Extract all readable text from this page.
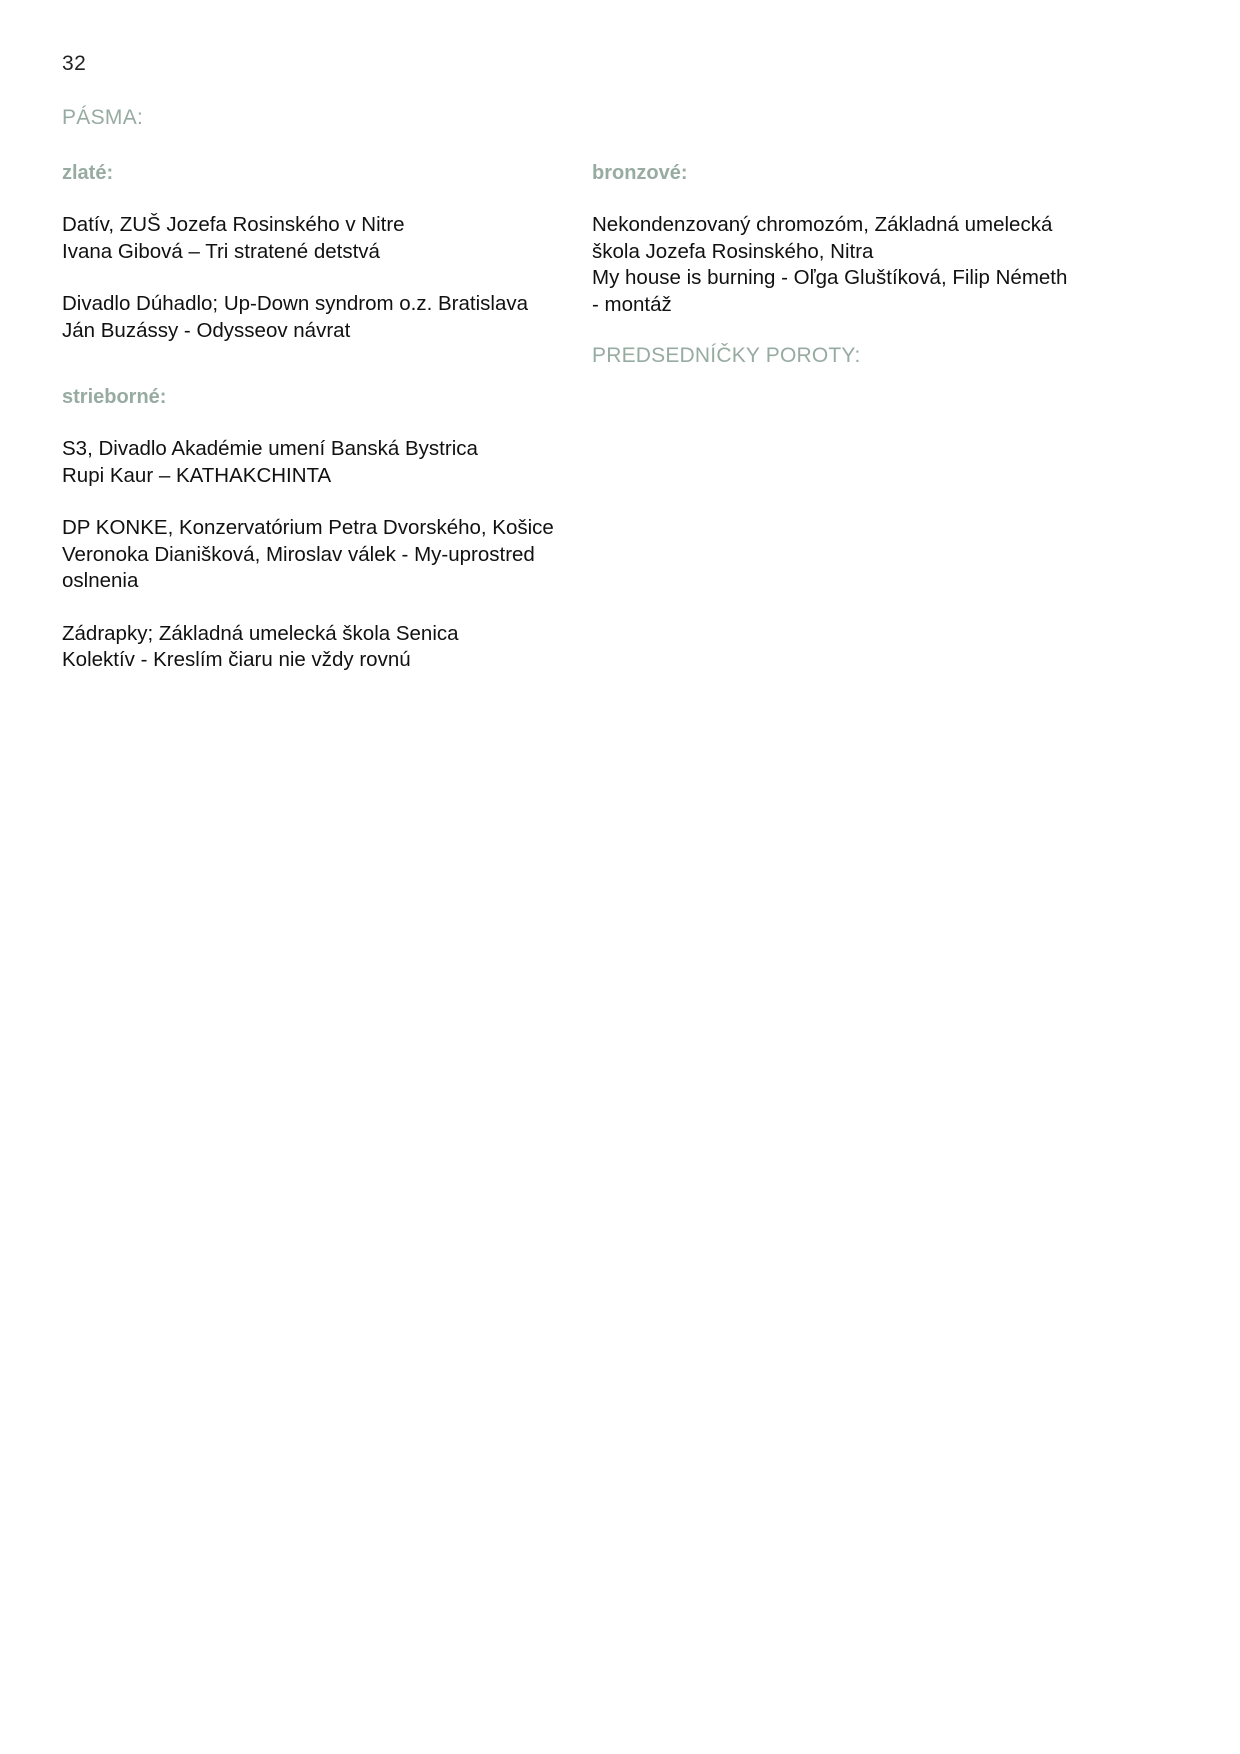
32
PÁSMA:
zlaté:
Datív, ZUŠ Jozefa Rosinského v Nitre
Ivana Gibová – Tri stratené detstvá
Divadlo Dúhadlo; Up-Down syndrom o.z. Bratislava
Ján Buzássy - Odysseov návrat
strieborné:
S3, Divadlo Akadémie umení Banská Bystrica
Rupi Kaur – KATHAKCHINTA
DP KONKE, Konzervatórium Petra Dvorského, Košice
Veronoka Dianišková, Miroslav válek - My-uprostred
oslnenia
Zádrapky; Základná umelecká škola Senica
Kolektív - Kreslím čiaru nie vždy rovnú
bronzové:
Nekondenzovaný chromozóm, Základná umelecká
škola Jozefa Rosinského, Nitra
My house is burning - Oľga Gluštíková, Filip Németh
- montáž
PREDSEDNÍČKY POROTY:
